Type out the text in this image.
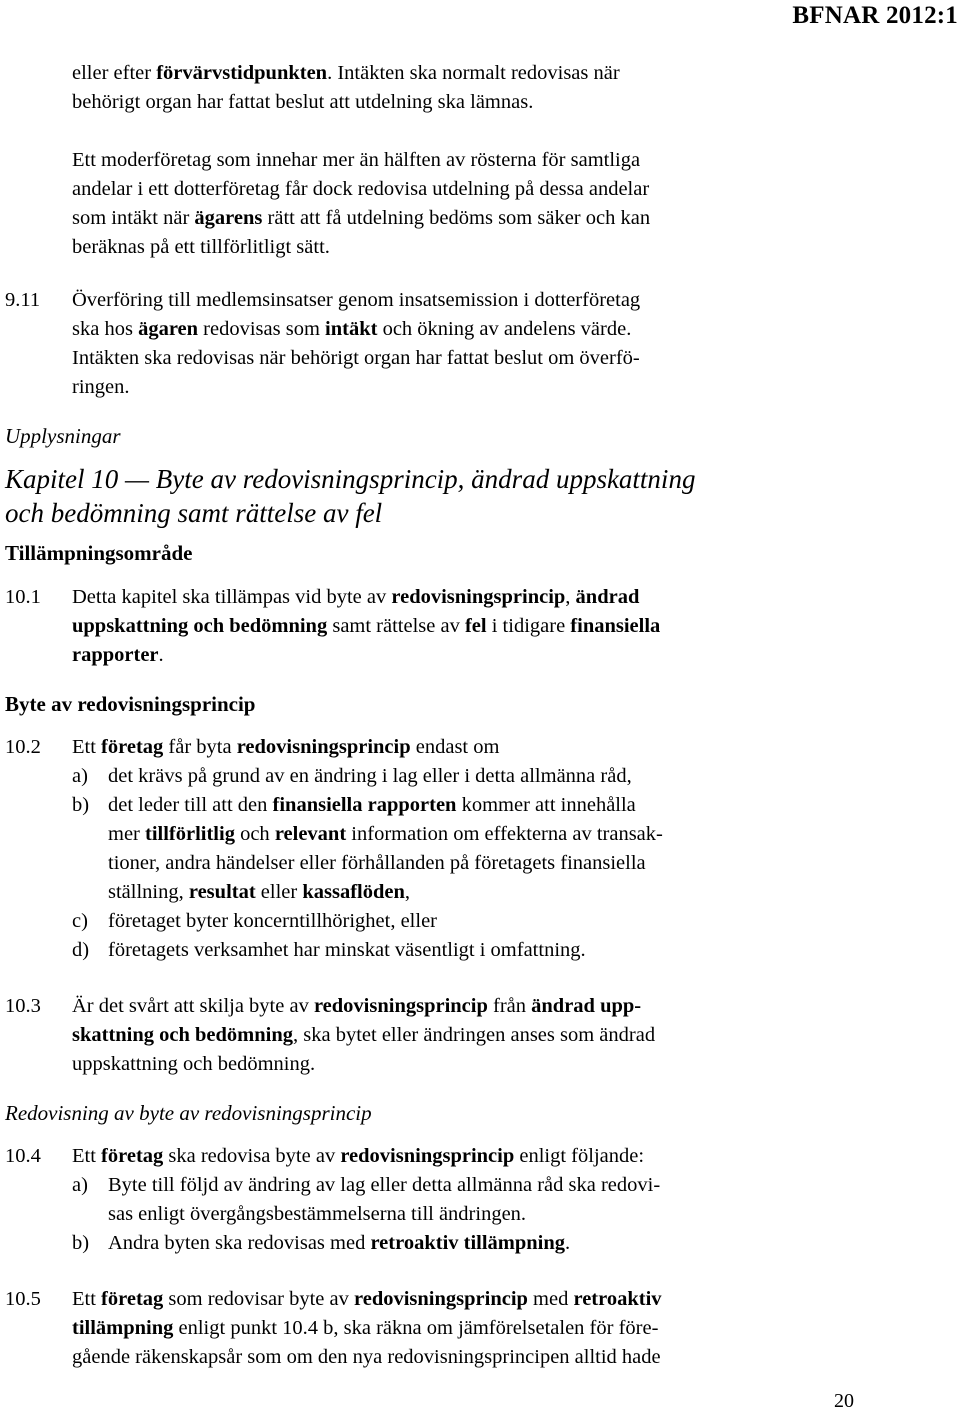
BFNAR 2012:1
eller efter förvärvstidpunkten. Intäkten ska normalt redovisas när
behörigt organ har fattat beslut att utdelning ska lämnas.
Ett moderföretag som innehar mer än hälften av rösterna för samtliga
andelar i ett dotterföretag får dock redovisa utdelning på dessa andelar
som intäkt när ägarens rätt att få utdelning bedöms som säker och kan
beräknas på ett tillförlitligt sätt.
9.11 Överföring till medlemsinsatser genom insatsemission i dotterföretag
ska hos ägaren redovisas som intäkt och ökning av andelens värde.
Intäkten ska redovisas när behörigt organ har fattat beslut om överfö-
ringen.
Upplysningar
Kapitel 10 — Byte av redovisningsprincip, ändrad uppskattning
och bedömning samt rättelse av fel
Tillämpningsområde
10.1 Detta kapitel ska tillämpas vid byte av redovisningsprincip, ändrad
uppskattning och bedömning samt rättelse av fel i tidigare finansiella
rapporter.
Byte av redovisningsprincip
10.2 Ett företag får byta redovisningsprincip endast om
a) det krävs på grund av en ändring i lag eller i detta allmänna råd,
b) det leder till att den finansiella rapporten kommer att innehålla
mer tillförlitlig och relevant information om effekterna av transak-
tioner, andra händelser eller förhållanden på företagets finansiella
ställning, resultat eller kassaflöden,
c) företaget byter koncerntillhörighet, eller
d) företagets verksamhet har minskat väsentligt i omfattning.
10.3 Är det svårt att skilja byte av redovisningsprincip från ändrad upp-
skattning och bedömning, ska bytet eller ändringen anses som ändrad
uppskattning och bedömning.
Redovisning av byte av redovisningsprincip
10.4 Ett företag ska redovisa byte av redovisningsprincip enligt följande:
a) Byte till följd av ändring av lag eller detta allmänna råd ska redovi-
sas enligt övergångsbestämmelserna till ändringen.
b) Andra byten ska redovisas med retroaktiv tillämpning.
10.5 Ett företag som redovisar byte av redovisningsprincip med retroaktiv
tillämpning enligt punkt 10.4 b, ska räkna om jämförelsetalen för före-
gående räkenskapsår som om den nya redovisningsprincipen alltid hade
20
